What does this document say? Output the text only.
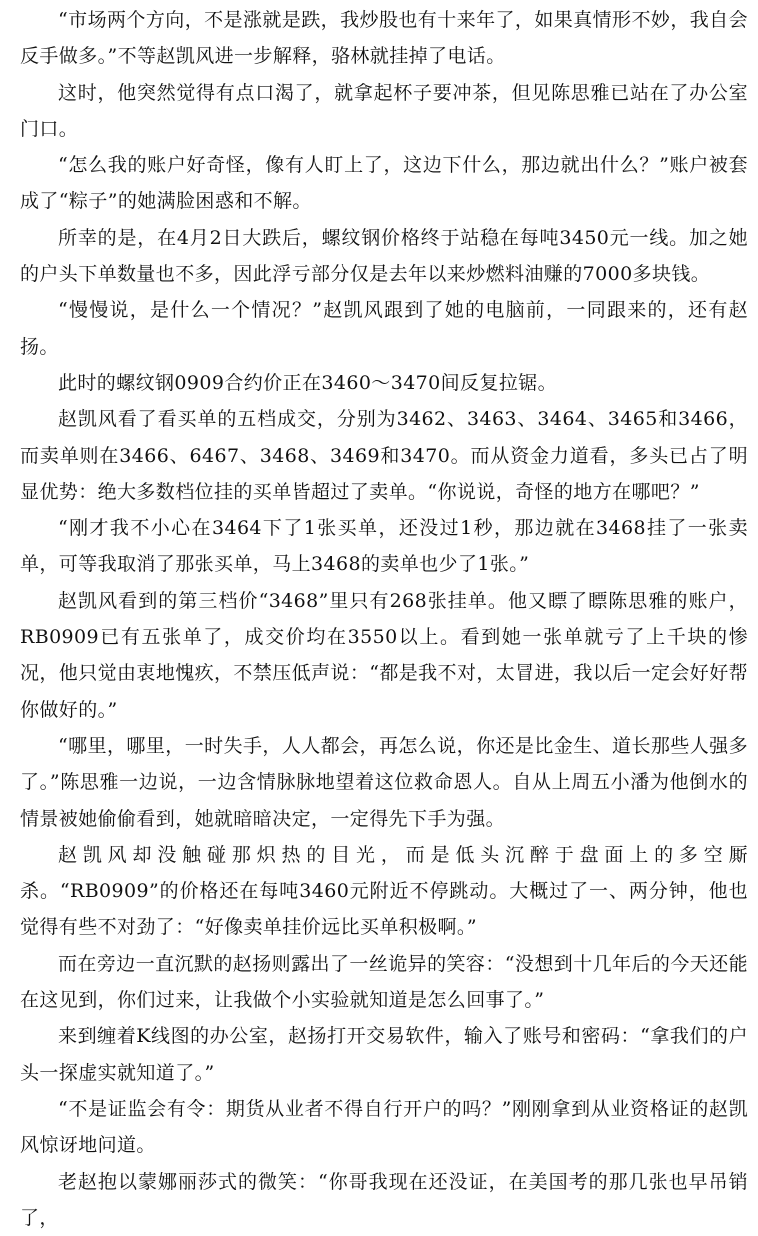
“市场两个方向，不是涨就是跌，我炒股也有十来年了，如果真情形不妙，我自会反手做多。”不等赵凯风进一步解释，骆林就挂掉了电话。

这时，他突然觉得有点口渴了，就拿起杯子要冲茶，但见陈思雅已站在了办公室门口。

“怎么我的账户好奇怪，像有人盯上了，这边下什么，那边就出什么？”账户被套成了“粽子”的她满脸困惑和不解。

所幸的是，在4月2日大跌后，螺纹钢价格终于站稳在每吨3450元一线。加之她的户头下单数量也不多，因此浮亏部分仅是去年以来炒燃料油赚的7000多块钱。

“慢慢说，是什么一个情况？”赵凯风跟到了她的电脑前，一同跟来的，还有赵扬。

此时的螺纹钢0909合约价正在3460～3470间反复拉锯。

赵凯风看了看买单的五档成交，分别为3462、3463、3464、3465和3466，而卖单则在3466、6467、3468、3469和3470。而从资金力道看，多头已占了明显优势：绝大多数档位挂的买单皆超过了卖单。“你说说，奇怪的地方在哪吧？”

“刚才我不小心在3464下了1张买单，还没过1秒，那边就在3468挂了一张卖单，可等我取消了那张买单，马上3468的卖单也少了1张。”

赵凯风看到的第三档价“3468”里只有268张挂单。他又瞟了瞟陈思雅的账户，RB0909已有五张单了，成交价均在3550以上。看到她一张单就亏了上千块的惨况，他只觉由衷地愧疚，不禁压低声说：“都是我不对，太冒进，我以后一定会好好帮你做好的。”

“哪里，哪里，一时失手，人人都会，再怎么说，你还是比金生、道长那些人强多了。”陈思雅一边说，一边含情脉脉地望着这位救命恩人。自从上周五小潘为他倒水的情景被她偷偷看到，她就暗暗决定，一定得先下手为强。

赵凯风却没触碰那炽热的目光，而是低头沉醉于盘面上的多空厮杀。“RB0909”的价格还在每吨3460元附近不停跳动。大概过了一、两分钟，他也觉得有些不对劲了：“好像卖单挂价远比买单积极啊。”

而在旁边一直沉默的赵扬则露出了一丝诡异的笑容：“没想到十几年后的今天还能在这见到，你们过来，让我做个小实验就知道是怎么回事了。”

来到缠着K线图的办公室，赵扬打开交易软件，输入了账号和密码：“拿我们的户头一探虚实就知道了。”

“不是证监会有令：期货从业者不得自行开户的吗？”刚刚拿到从业资格证的赵凯风惊讶地问道。

老赵抱以蒙娜丽莎式的微笑：“你哥我现在还没证，在美国考的那几张也早吊销了，
